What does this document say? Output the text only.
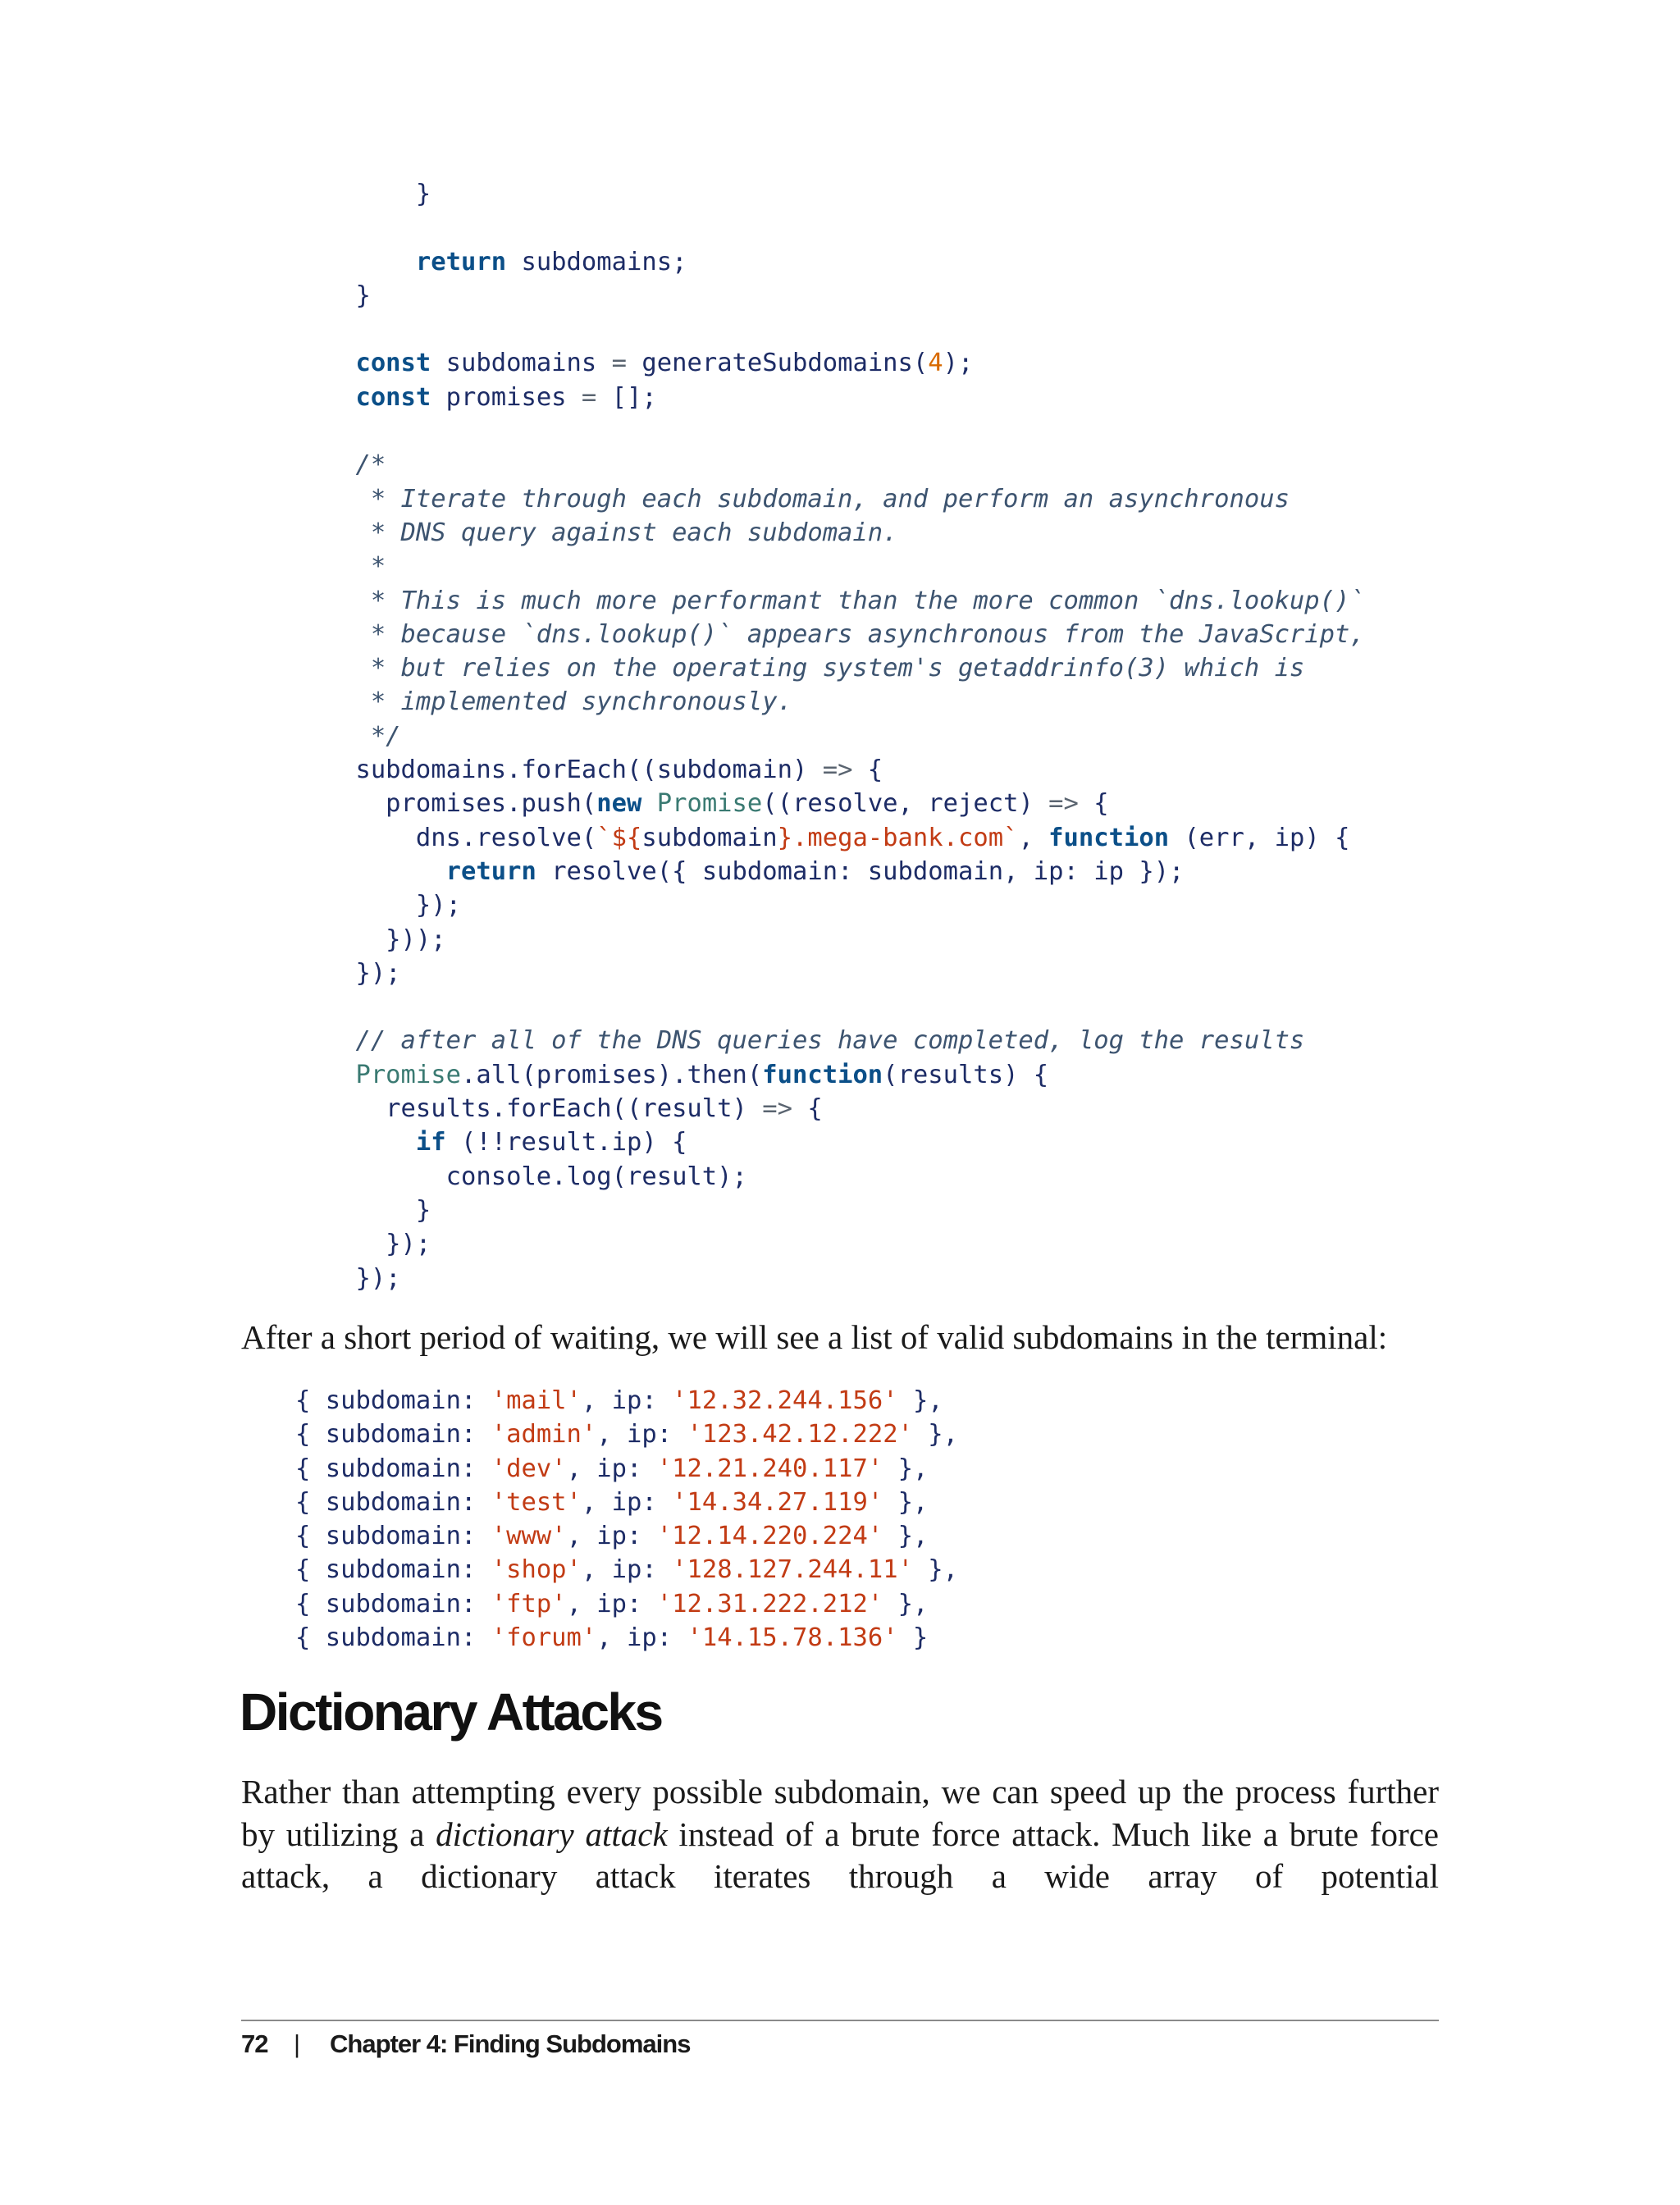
}

return subdomains;
}

const subdomains = generateSubdomains(4);
const promises = [];

/*
* Iterate through each subdomain, and perform an asynchronous
* DNS query against each subdomain.
*
* This is much more performant than the more common `dns.lookup()`
* because `dns.lookup()` appears asynchronous from the JavaScript,
* but relies on the operating system's getaddrinfo(3) which is
* implemented synchronously.
*/
subdomains.forEach((subdomain) => {
promises.push(new Promise((resolve, reject) => {
dns.resolve(`${subdomain}.mega-bank.com`, function (err, ip) {
return resolve({ subdomain: subdomain, ip: ip });
});
}));
});

// after all of the DNS queries have completed, log the results
Promise.all(promises).then(function(results) {
results.forEach((result) => {
if (!!result.ip) {
console.log(result);
}
});
});

After a short period of waiting, we will see a list of valid subdomains in the terminal:

{ subdomain: 'mail', ip: '12.32.244.156' },
{ subdomain: 'admin', ip: '123.42.12.222' },
{ subdomain: 'dev', ip: '12.21.240.117' },
{ subdomain: 'test', ip: '14.34.27.119' },
{ subdomain: 'www', ip: '12.14.220.224' },
{ subdomain: 'shop', ip: '128.127.244.11' },
{ subdomain: 'ftp', ip: '12.31.222.212' },
{ subdomain: 'forum', ip: '14.15.78.136' }
Dictionary Attacks

Rather than attempting every possible subdomain, we can speed up the process further by utilizing a dictionary attack instead of a brute force attack. Much like a brute force attack, a dictionary attack iterates through a wide array of potential

72 | Chapter 4: Finding Subdomains
